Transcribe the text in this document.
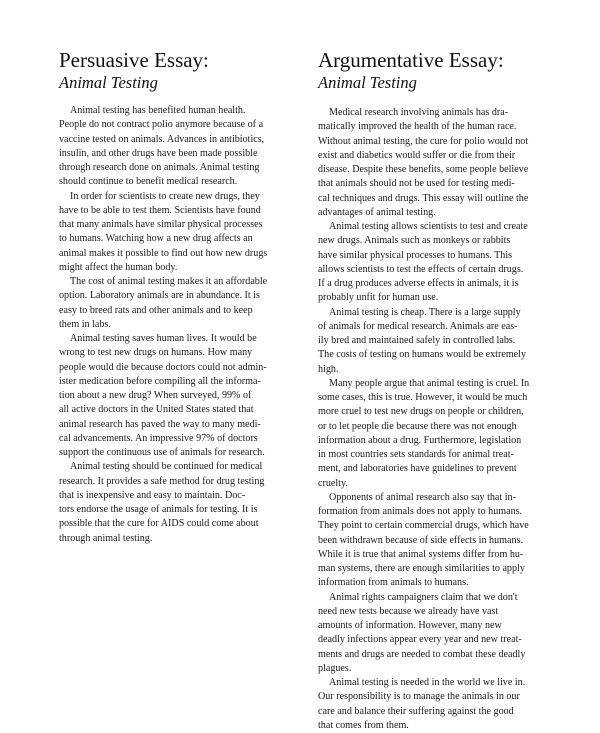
Persuasive Essay:
Animal Testing

Animal testing has benefited human health.
People do not contract polio anymore because of a
vaccine tested on animals. Advances in antibiotics,
insulin, and other drugs have been made possible
through research done on animals. Animal testing
should continue to benefit medical research.

In order for scientists to create new drugs, they
have to be able to test them. Scientists have found
that many animals have similar physical processes
to humans. Watching how a new drug affects an
animal makes it possible to find out how new drugs
might affect the human body.

The cost of animal testing makes it an affordable
option. Laboratory animals are in abundance. It is
easy to breed rats and other animals and to keep
them in labs.

Animal testing saves human lives. It would be
wrong to test new drugs on humans. How many
people would die because doctors could not admin-
ister medication before compiling all the informa-
tion about a new drug? When surveyed, 99% of
all active doctors in the United States stated that
animal research has paved the way to many medi-
cal advancements. An impressive 97% of doctors
support the continuous use of animals for research.

Animal testing should be continued for medical
research. It provides a safe method for drug testing
that is inexpensive and easy to maintain. Doc-
tors endorse the usage of animals for testing. It is
possible that the cure for AIDS could come about
through animal testing.

Argumentative Essay:
Animal Testing

Medical research involving animals has dra-
matically improved the health of the human race.
Without animal testing, the cure for polio would not
exist and diabetics would suffer or die from their
disease. Despite these benefits, some people believe
that animals should not be used for testing medi-
cal techniques and drugs. This essay will outline the
advantages of animal testing.

Animal testing allows scientists to test and create
new drugs. Animals such as monkeys or rabbits
have similar physical processes to humans. This
allows scientists to test the effects of certain drugs.
If a drug produces adverse effects in animals, it is
probably unfit for human use.

Animal testing is cheap. There is a large supply
of animals for medical research. Animals are eas-
ily bred and maintained safely in controlled labs.
The costs of testing on humans would be extremely
high.

Many people argue that animal testing is cruel. In
some cases, this is true. However, it would be much
more cruel to test new drugs on people or children,
or to let people die because there was not enough
information about a drug. Furthermore, legislation
in most countries sets standards for animal treat-
ment, and laboratories have guidelines to prevent
cruelty.

Opponents of animal research also say that in-
formation from animals does not apply to humans.
They point to certain commercial drugs, which have
been withdrawn because of side effects in humans.
While it is true that animal systems differ from hu-
man systems, there are enough similarities to apply
information from animals to humans.

Animal rights campaigners claim that we don't
need new tests because we already have vast
amounts of information. However, many new
deadly infections appear every year and new treat-
ments and drugs are needed to combat these deadly
plagues.

Animal testing is needed in the world we live in.
Our responsibility is to manage the animals in our
care and balance their suffering against the good
that comes from them.
